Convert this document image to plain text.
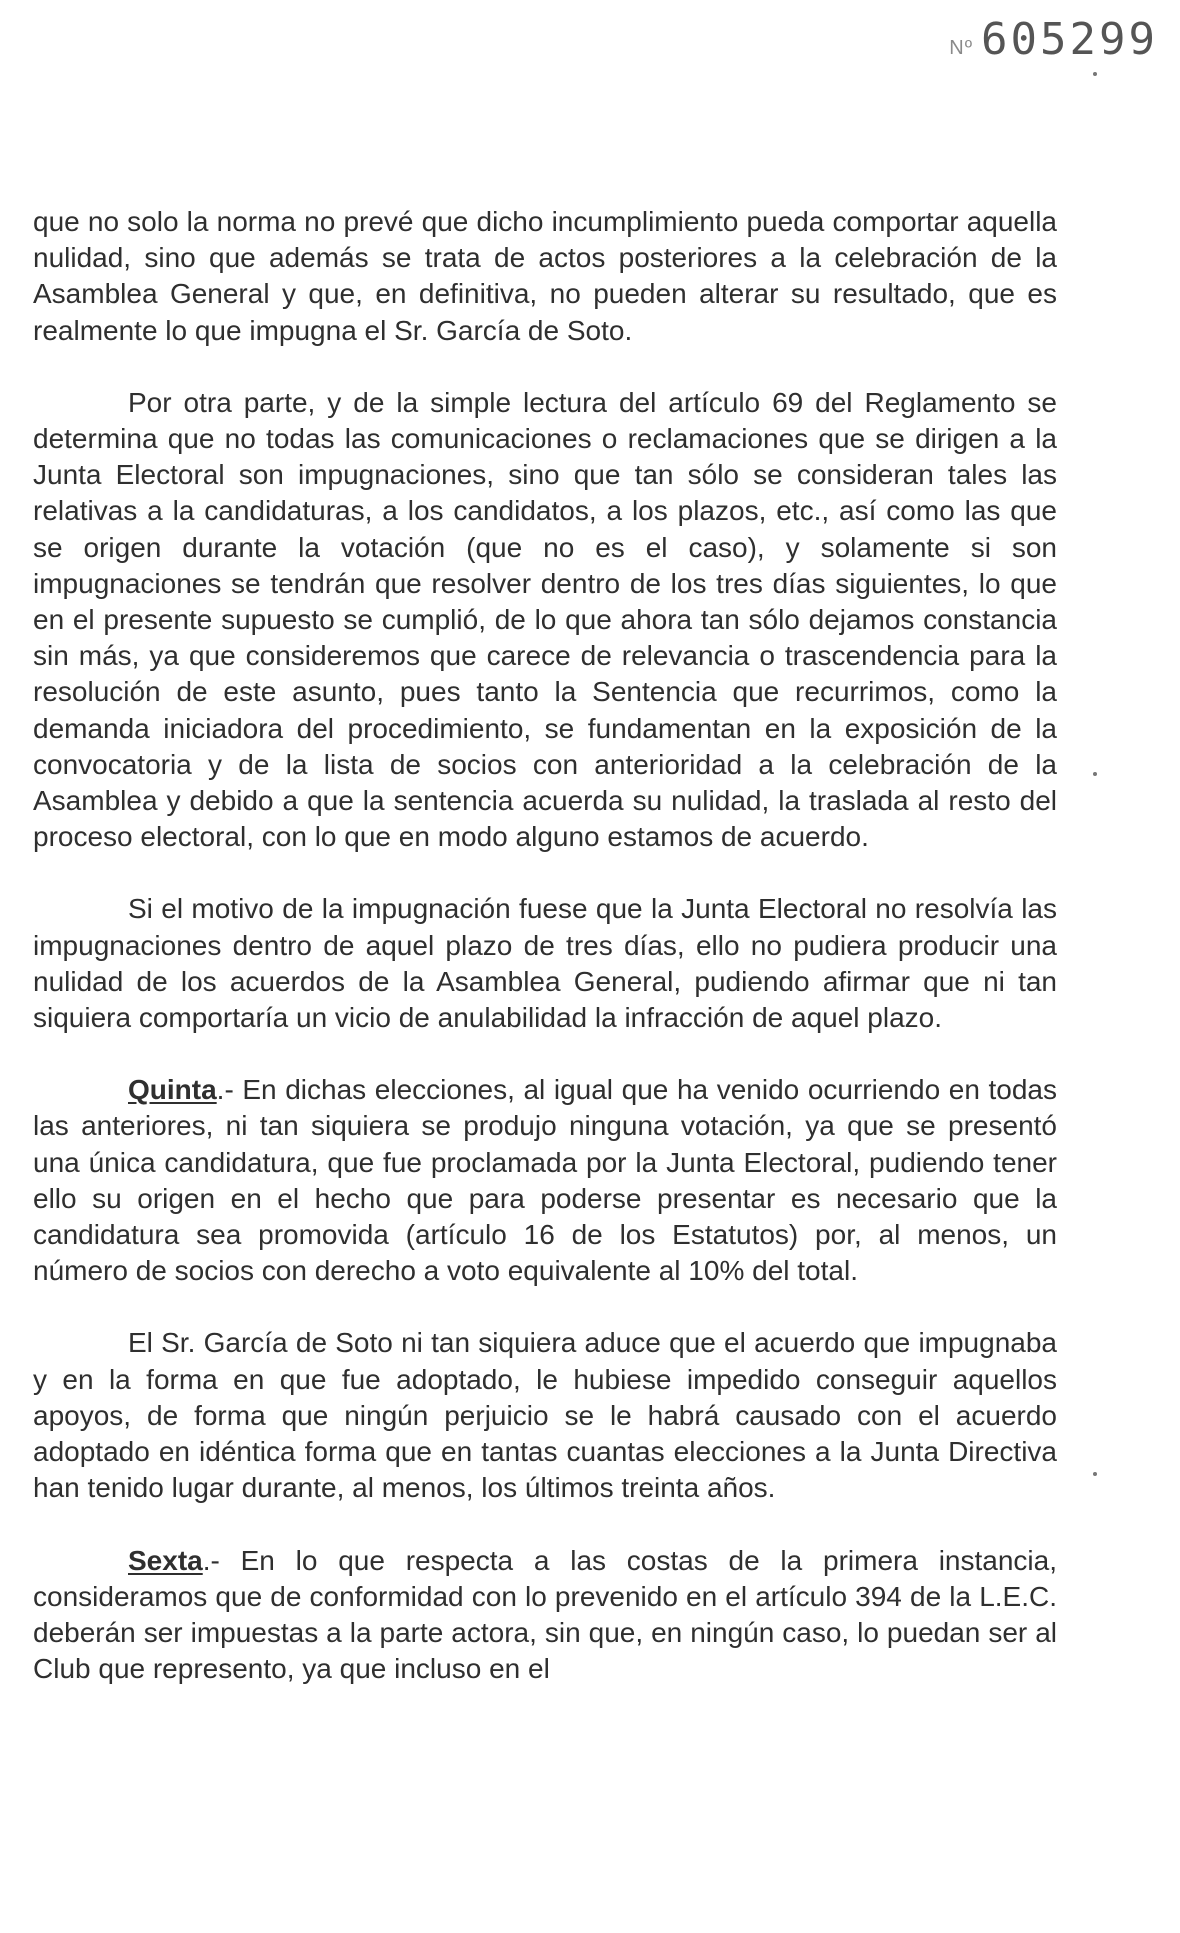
Nº 605299

que no solo la norma no prevé que dicho incumplimiento pueda comportar aquella nulidad, sino que además se trata de actos posteriores a la celebración de la Asamblea General y que, en definitiva, no pueden alterar su resultado, que es realmente lo que impugna el Sr. García de Soto.

Por otra parte, y de la simple lectura del artículo 69 del Reglamento se determina que no todas las comunicaciones o reclamaciones que se dirigen a la Junta Electoral son impugnaciones, sino que tan sólo se consideran tales las relativas a la candidaturas, a los candidatos, a los plazos, etc., así como las que se origen durante la votación (que no es el caso), y solamente si son impugnaciones se tendrán que resolver dentro de los tres días siguientes, lo que en el presente supuesto se cumplió, de lo que ahora tan sólo dejamos constancia sin más, ya que consideremos que carece de relevancia o trascendencia para la resolución de este asunto, pues tanto la Sentencia que recurrimos, como la demanda iniciadora del procedimiento, se fundamentan en la exposición de la convocatoria y de la lista de socios con anterioridad a la celebración de la Asamblea y debido a que la sentencia acuerda su nulidad, la traslada al resto del proceso electoral, con lo que en modo alguno estamos de acuerdo.

Si el motivo de la impugnación fuese que la Junta Electoral no resolvía las impugnaciones dentro de aquel plazo de tres días, ello no pudiera producir una nulidad de los acuerdos de la Asamblea General, pudiendo afirmar que ni tan siquiera comportaría un vicio de anulabilidad la infracción de aquel plazo.

Quinta.- En dichas elecciones, al igual que ha venido ocurriendo en todas las anteriores, ni tan siquiera se produjo ninguna votación, ya que se presentó una única candidatura, que fue proclamada por la Junta Electoral, pudiendo tener ello su origen en el hecho que para poderse presentar es necesario que la candidatura sea promovida (artículo 16 de los Estatutos) por, al menos, un número de socios con derecho a voto equivalente al 10% del total.

El Sr. García de Soto ni tan siquiera aduce que el acuerdo que impugnaba y en la forma en que fue adoptado, le hubiese impedido conseguir aquellos apoyos, de forma que ningún perjuicio se le habrá causado con el acuerdo adoptado en idéntica forma que en tantas cuantas elecciones a la Junta Directiva han tenido lugar durante, al menos, los últimos treinta años.

Sexta.- En lo que respecta a las costas de la primera instancia, consideramos que de conformidad con lo prevenido en el artículo 394 de la L.E.C. deberán ser impuestas a la parte actora, sin que, en ningún caso, lo puedan ser al Club que represento, ya que incluso en el
